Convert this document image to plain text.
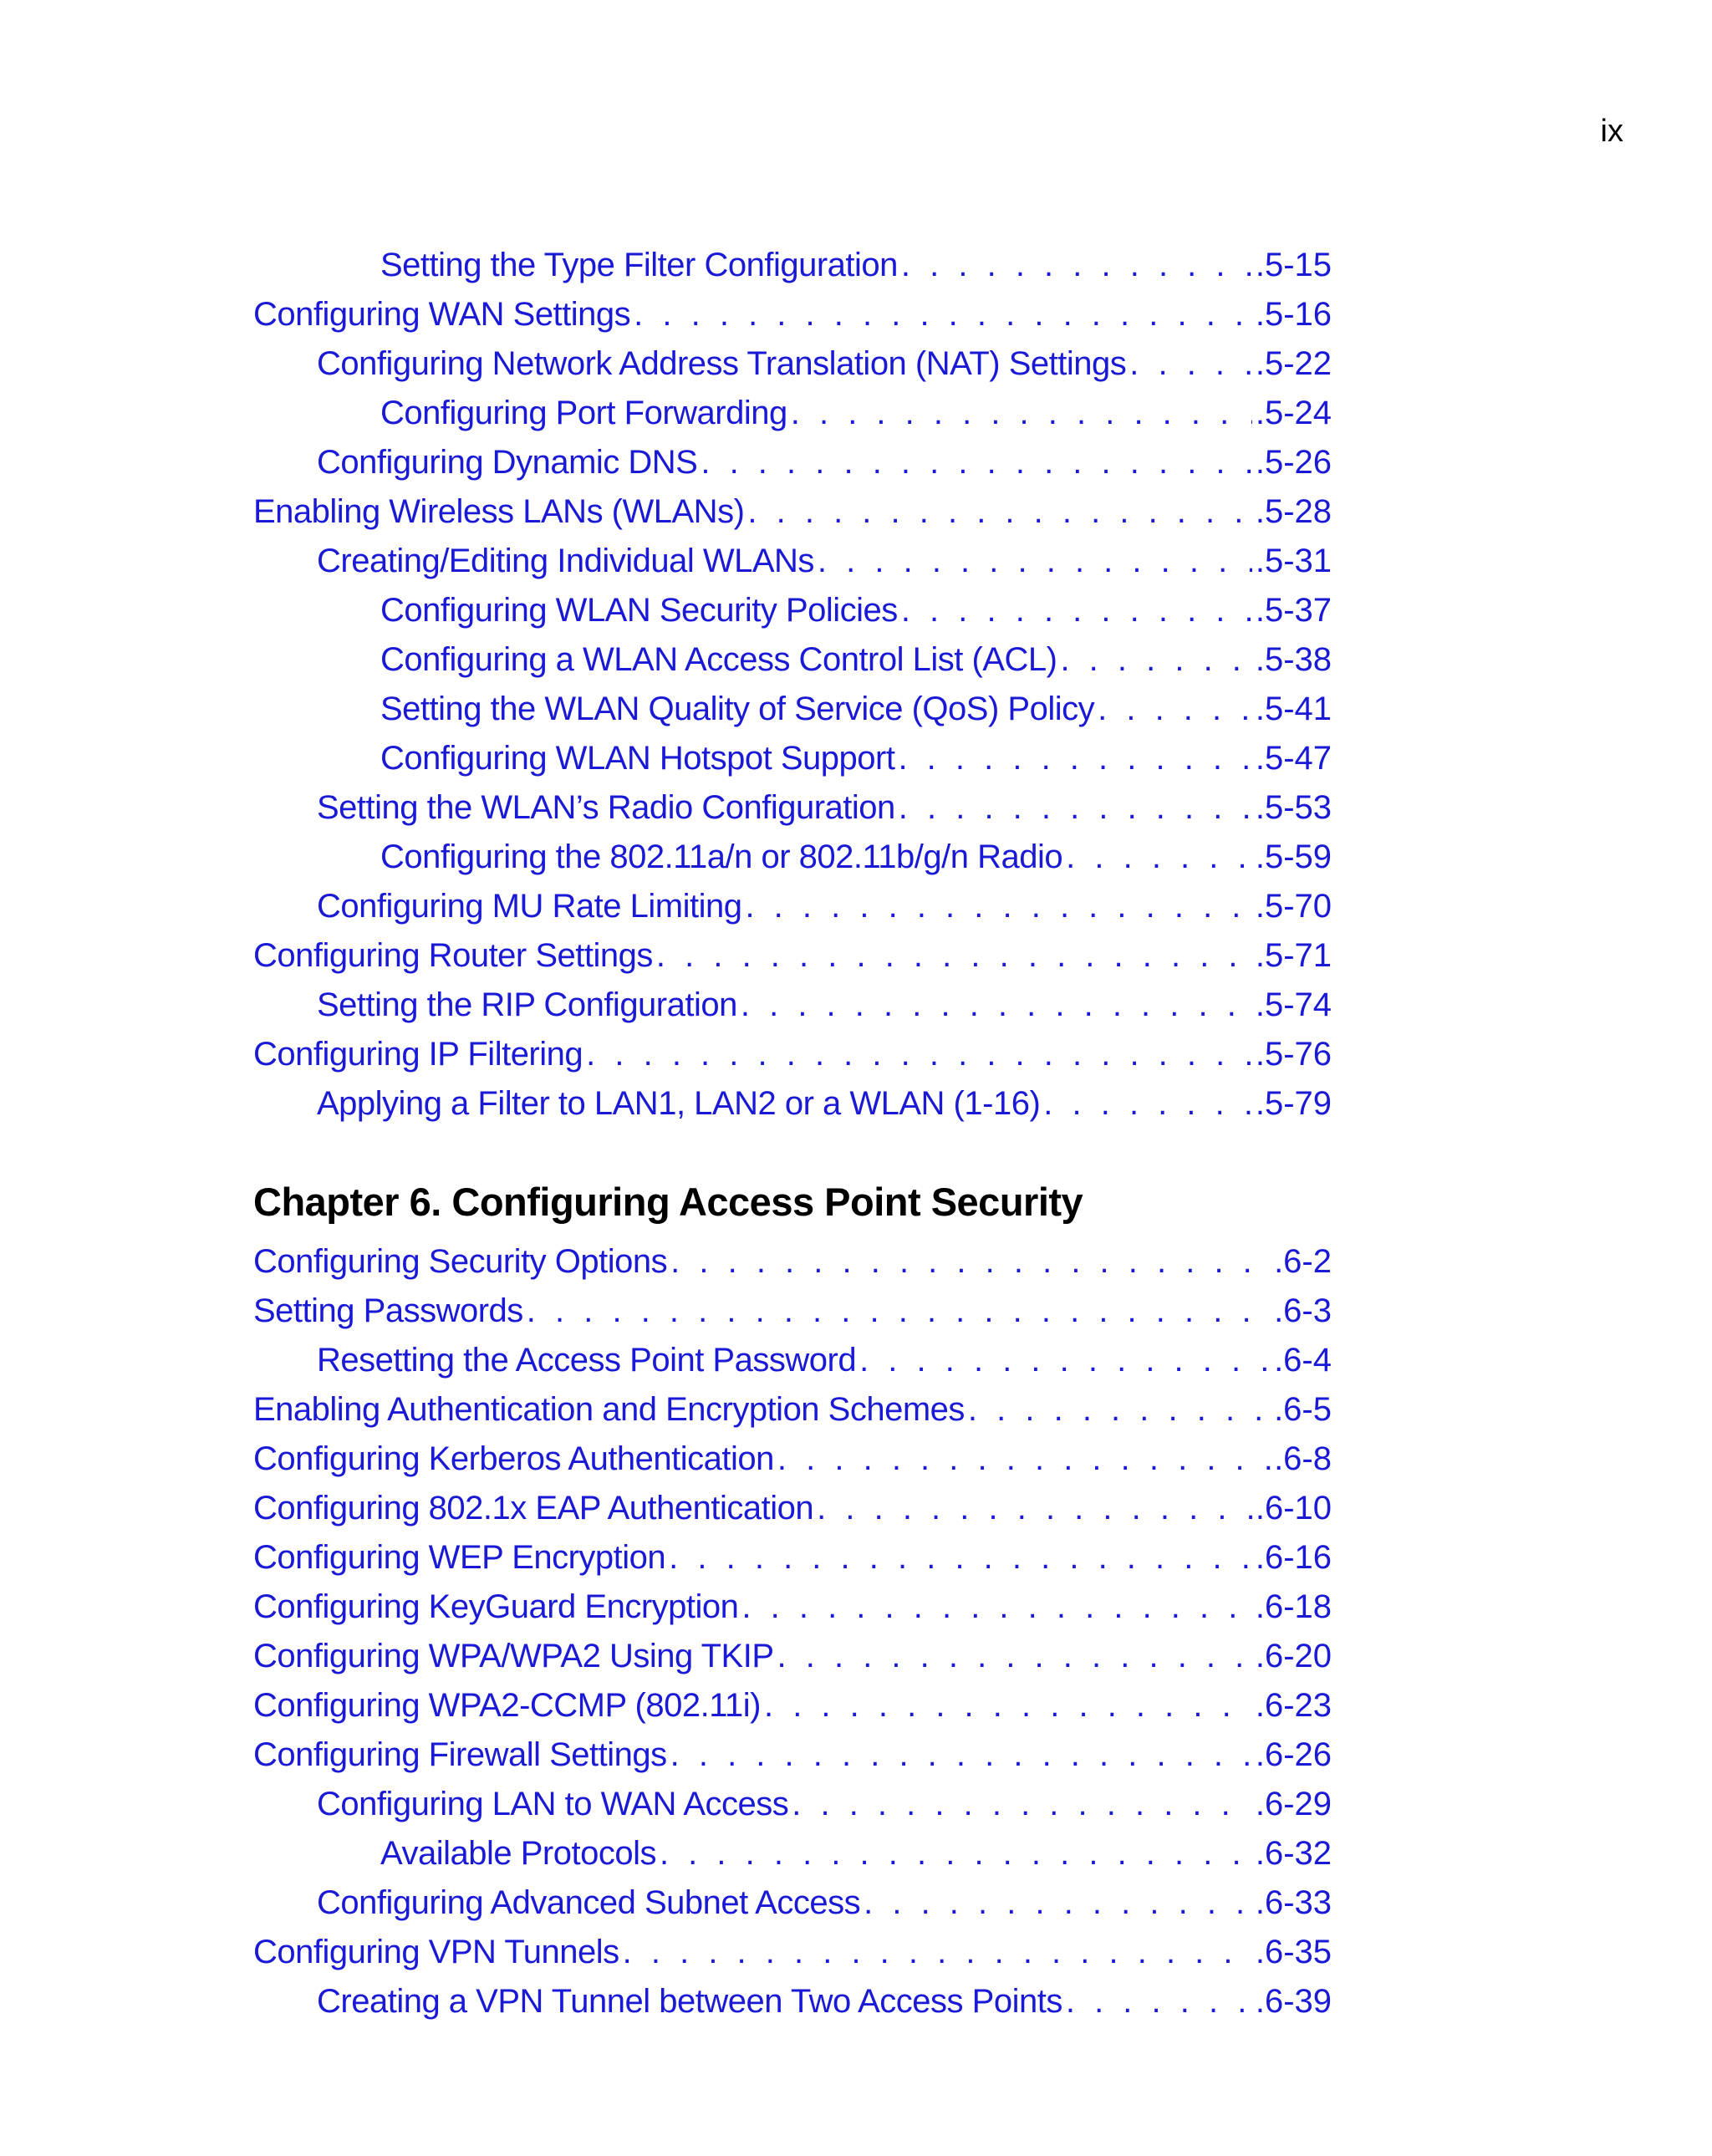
ix
Setting the Type Filter Configuration . . .	.5-15
Configuring WAN Settings . . .	.5-16
Configuring Network Address Translation (NAT) Settings . . .	.5-22
Configuring Port Forwarding . . .	.5-24
Configuring Dynamic DNS . . .	.5-26
Enabling Wireless LANs (WLANs) . . .	.5-28
Creating/Editing Individual WLANs . . .	.5-31
Configuring WLAN Security Policies . . .	.5-37
Configuring a WLAN Access Control List (ACL) . . .	.5-38
Setting the WLAN Quality of Service (QoS) Policy . . .	.5-41
Configuring WLAN Hotspot Support . . .	.5-47
Setting the WLAN’s Radio Configuration . . .	.5-53
Configuring the 802.11a/n or 802.11b/g/n Radio . . .	.5-59
Configuring MU Rate Limiting . . .	.5-70
Configuring Router Settings . . .	.5-71
Setting the RIP Configuration . . .	.5-74
Configuring IP Filtering . . .	.5-76
Applying a Filter to LAN1, LAN2 or a WLAN (1-16) . . .	.5-79
Chapter 6. Configuring Access Point Security
Configuring Security Options . . .	.6-2
Setting Passwords . . .	.6-3
Resetting the Access Point Password . . .	.6-4
Enabling Authentication and Encryption Schemes . . .	.6-5
Configuring Kerberos Authentication . . .	.6-8
Configuring 802.1x EAP Authentication . . .	.6-10
Configuring WEP Encryption . . .	.6-16
Configuring KeyGuard Encryption . . .	.6-18
Configuring WPA/WPA2 Using TKIP . . .	.6-20
Configuring WPA2-CCMP (802.11i) . . .	.6-23
Configuring Firewall Settings . . .	.6-26
Configuring LAN to WAN Access . . .	.6-29
Available Protocols . . .	.6-32
Configuring Advanced Subnet Access . . .	.6-33
Configuring VPN Tunnels . . .	.6-35
Creating a VPN Tunnel between Two Access Points . . .	.6-39
